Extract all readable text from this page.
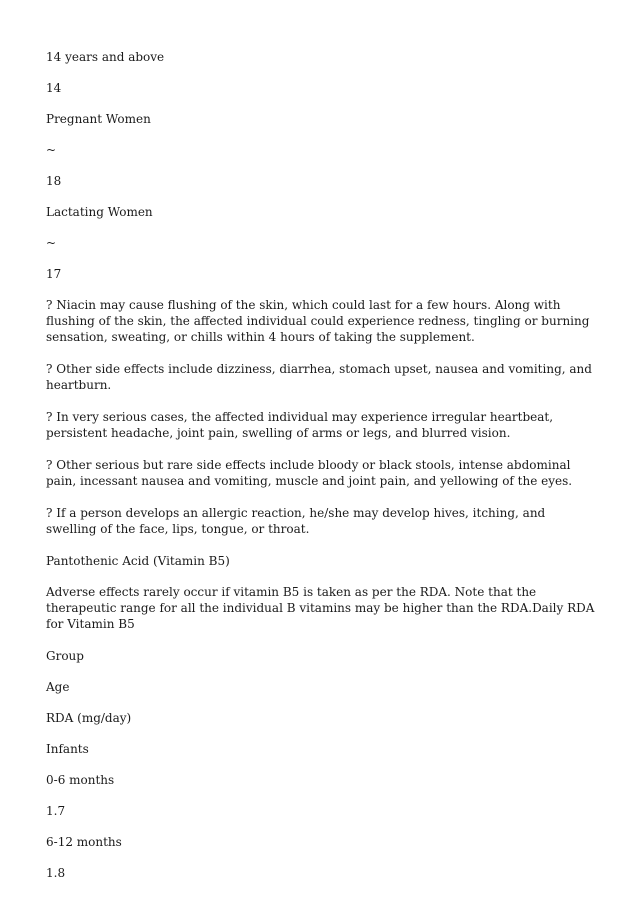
14 years and above

14

Pregnant Women

~

18

Lactating Women

~

17

? Niacin may cause flushing of the skin, which could last for a few hours. Along with flushing of the skin, the affected individual could experience redness, tingling or burning sensation, sweating, or chills within 4 hours of taking the supplement.

? Other side effects include dizziness, diarrhea, stomach upset, nausea and vomiting, and heartburn.

? In very serious cases, the affected individual may experience irregular heartbeat, persistent headache, joint pain, swelling of arms or legs, and blurred vision.

? Other serious but rare side effects include bloody or black stools, intense abdominal pain, incessant nausea and vomiting, muscle and joint pain, and yellowing of the eyes.

? If a person develops an allergic reaction, he/she may develop hives, itching, and swelling of the face, lips, tongue, or throat.

Pantothenic Acid (Vitamin B5)

Adverse effects rarely occur if vitamin B5 is taken as per the RDA. Note that the therapeutic range for all the individual B vitamins may be higher than the RDA.Daily RDA for Vitamin B5

Group

Age

RDA (mg/day)

Infants

0-6 months

1.7

6-12 months

1.8
